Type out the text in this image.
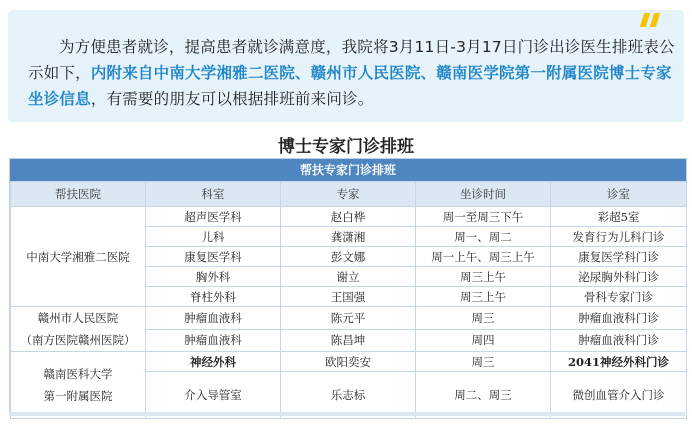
为方便患者就诊，提高患者就诊满意度，我院将3月11日-3月17日门诊出诊医生排班表公示如下，内附来自中南大学湘雅二医院、赣州市人民医院、赣南医学院第一附属医院博士专家坐诊信息，有需要的朋友可以根据排班前来问诊。
博士专家门诊排班
帮扶专家门诊排班
帮扶医院	科室	专家	坐诊时间	诊室
中南大学湘雅二医院	超声医学科	赵白桦	周一至周三下午	彩超5室
	儿科	龚潇湘	周一、周二	发育行为儿科门诊
	康复医学科	彭文娜	周一上午、周三上午	康复医学科门诊
	胸外科	谢立	周三上午	泌尿胸外科门诊
	脊柱外科	王国强	周三上午	骨科专家门诊
赣州市人民医院
（南方医院赣州医院）	肿瘤血液科	陈元平	周三	肿瘤血液科门诊
	肿瘤血液科	陈昌坤	周四	肿瘤血液科门诊
赣南医科大学
第一附属医院	神经外科	欧阳奕安	周三	2041神经外科门诊
	介入导管室	乐志标	周二、周三	微创血管介入门诊
